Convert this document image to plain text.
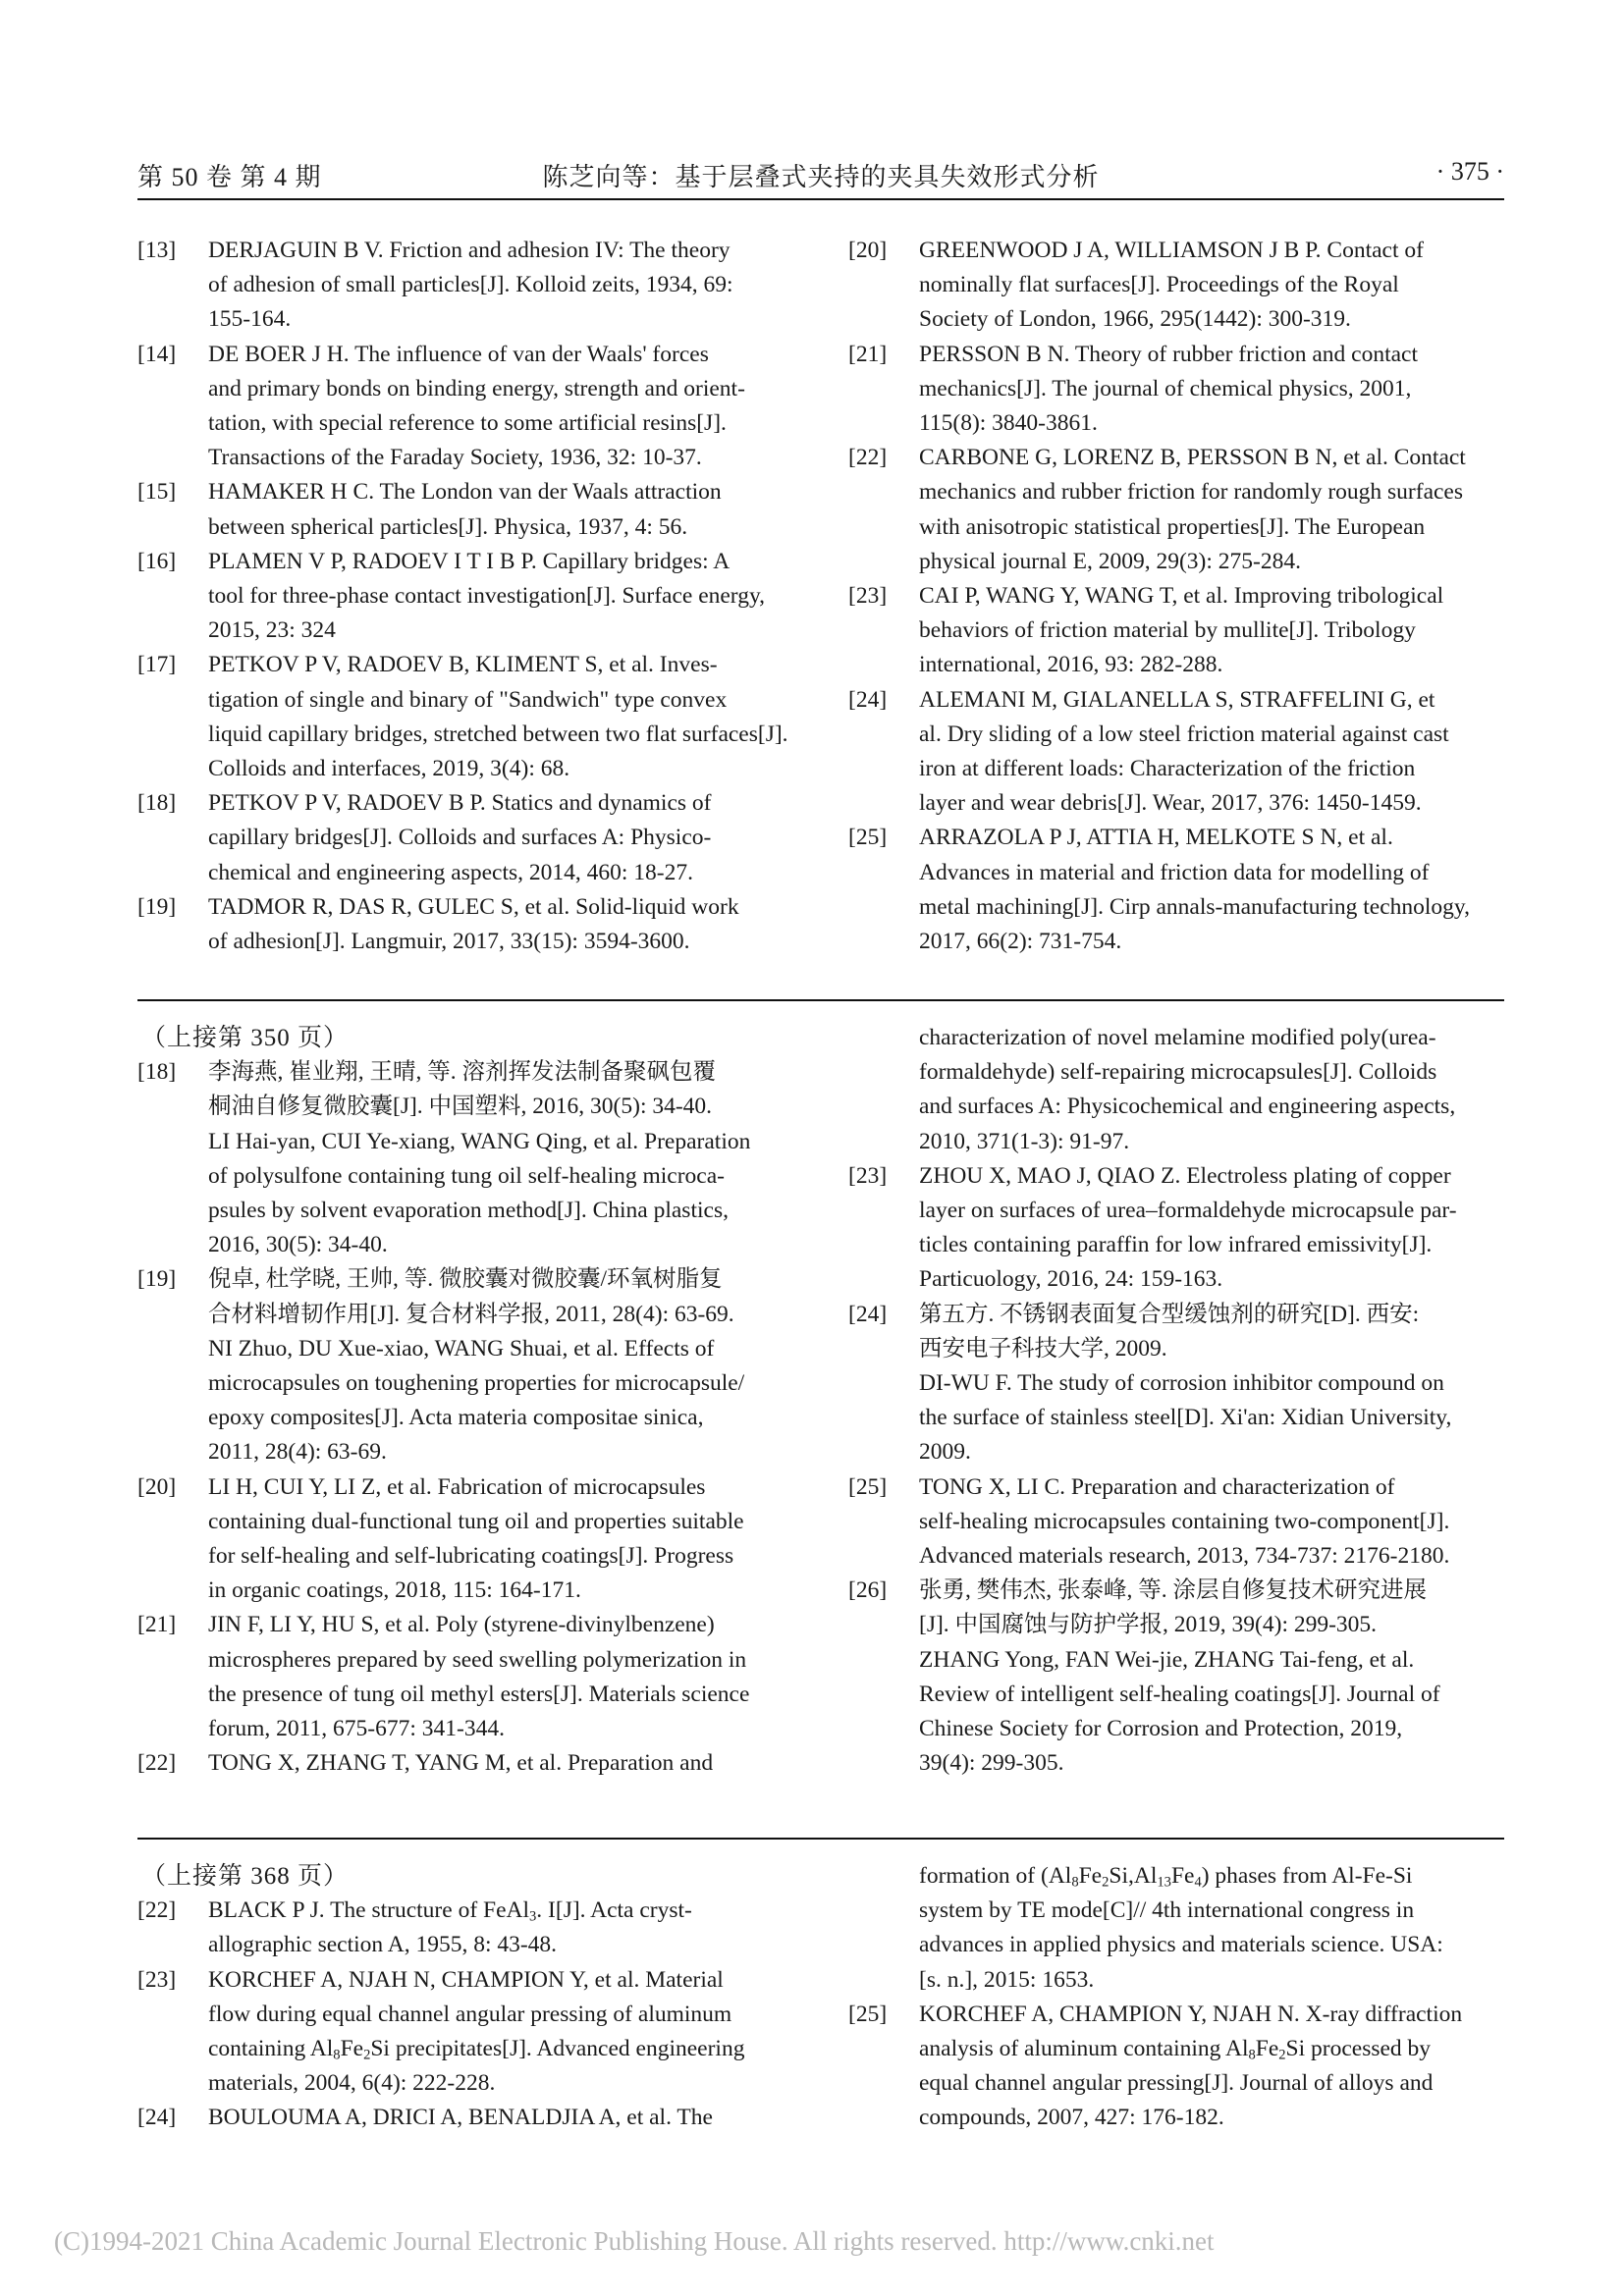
第 50 卷 第 4 期	陈芝向等：基于层叠式夹持的夹具失效形式分析	· 375 ·
[13]	DERJAGUIN B V. Friction and adhesion IV: The theory
of adhesion of small particles[J]. Kolloid zeits, 1934, 69:
155-164.
[14]	DE BOER J H. The influence of van der Waals' forces
and primary bonds on binding energy, strength and orient-
tation, with special reference to some artificial resins[J].
Transactions of the Faraday Society, 1936, 32: 10-37.
[15]	HAMAKER H C. The London van der Waals attraction
between spherical particles[J]. Physica, 1937, 4: 56.
[16]	PLAMEN V P, RADOEV I T I B P. Capillary bridges: A
tool for three-phase contact investigation[J]. Surface energy,
2015, 23: 324
[17]	PETKOV P V, RADOEV B, KLIMENT S, et al. Inves-
tigation of single and binary of "Sandwich" type convex
liquid capillary bridges, stretched between two flat surfaces[J].
Colloids and interfaces, 2019, 3(4): 68.
[18]	PETKOV P V, RADOEV B P. Statics and dynamics of
capillary bridges[J]. Colloids and surfaces A: Physico-
chemical and engineering aspects, 2014, 460: 18-27.
[19]	TADMOR R, DAS R, GULEC S, et al. Solid-liquid work
of adhesion[J]. Langmuir, 2017, 33(15): 3594-3600.
[20]	GREENWOOD J A, WILLIAMSON J B P. Contact of
nominally flat surfaces[J]. Proceedings of the Royal
Society of London, 1966, 295(1442): 300-319.
[21]	PERSSON B N. Theory of rubber friction and contact
mechanics[J]. The journal of chemical physics, 2001,
115(8): 3840-3861.
[22]	CARBONE G, LORENZ B, PERSSON B N, et al. Contact
mechanics and rubber friction for randomly rough surfaces
with anisotropic statistical properties[J]. The European
physical journal E, 2009, 29(3): 275-284.
[23]	CAI P, WANG Y, WANG T, et al. Improving tribological
behaviors of friction material by mullite[J]. Tribology
international, 2016, 93: 282-288.
[24]	ALEMANI M, GIALANELLA S, STRAFFELINI G, et
al. Dry sliding of a low steel friction material against cast
iron at different loads: Characterization of the friction
layer and wear debris[J]. Wear, 2017, 376: 1450-1459.
[25]	ARRAZOLA P J, ATTIA H, MELKOTE S N, et al.
Advances in material and friction data for modelling of
metal machining[J]. Cirp annals-manufacturing technology,
2017, 66(2): 731-754.
（上接第 350 页）
[18]	李海燕, 崔业翔, 王晴, 等. 溶剂挥发法制备聚砜包覆
桐油自修复微胶囊[J]. 中国塑料, 2016, 30(5): 34-40.
LI Hai-yan, CUI Ye-xiang, WANG Qing, et al. Preparation
of polysulfone containing tung oil self-healing microca-
psules by solvent evaporation method[J]. China plastics,
2016, 30(5): 34-40.
[19]	倪卓, 杜学晓, 王帅, 等. 微胶囊对微胶囊/环氧树脂复
合材料增韧作用[J]. 复合材料学报, 2011, 28(4): 63-69.
NI Zhuo, DU Xue-xiao, WANG Shuai, et al. Effects of
microcapsules on toughening properties for microcapsule/
epoxy composites[J]. Acta materia compositae sinica,
2011, 28(4): 63-69.
[20]	LI H, CUI Y, LI Z, et al. Fabrication of microcapsules
containing dual-functional tung oil and properties suitable
for self-healing and self-lubricating coatings[J]. Progress
in organic coatings, 2018, 115: 164-171.
[21]	JIN F, LI Y, HU S, et al. Poly (styrene-divinylbenzene)
microspheres prepared by seed swelling polymerization in
the presence of tung oil methyl esters[J]. Materials science
forum, 2011, 675-677: 341-344.
[22]	TONG X, ZHANG T, YANG M, et al. Preparation and
characterization of novel melamine modified poly(urea-
formaldehyde) self-repairing microcapsules[J]. Colloids
and surfaces A: Physicochemical and engineering aspects,
2010, 371(1-3): 91-97.
[23]	ZHOU X, MAO J, QIAO Z. Electroless plating of copper
layer on surfaces of urea–formaldehyde microcapsule par-
ticles containing paraffin for low infrared emissivity[J].
Particuology, 2016, 24: 159-163.
[24]	第五方. 不锈钢表面复合型缓蚀剂的研究[D]. 西安:
西安电子科技大学, 2009.
DI-WU F. The study of corrosion inhibitor compound on
the surface of stainless steel[D]. Xi'an: Xidian University,
2009.
[25]	TONG X, LI C. Preparation and characterization of
self-healing microcapsules containing two-component[J].
Advanced materials research, 2013, 734-737: 2176-2180.
[26]	张勇, 樊伟杰, 张泰峰, 等. 涂层自修复技术研究进展
[J]. 中国腐蚀与防护学报, 2019, 39(4): 299-305.
ZHANG Yong, FAN Wei-jie, ZHANG Tai-feng, et al.
Review of intelligent self-healing coatings[J]. Journal of
Chinese Society for Corrosion and Protection, 2019,
39(4): 299-305.
（上接第 368 页）
[22]	BLACK P J. The structure of FeAl$_3$. I[J]. Acta cryst-
allographic section A, 1955, 8: 43-48.
[23]	KORCHEF A, NJAH N, CHAMPION Y, et al. Material
flow during equal channel angular pressing of aluminum
containing $Al_8Fe_2Si$ precipitates[J]. Advanced engineering
materials, 2004, 6(4): 222-228.
[24]	BOULOUMA A, DRICI A, BENALDJIA A, et al. The
formation of $(Al_8Fe_2Si,Al_{13}Fe_4)$ phases from Al-Fe-Si
system by TE mode[C]// 4th international congress in
advances in applied physics and materials science. USA:
[s. n.], 2015: 1653.
[25]	KORCHEF A, CHAMPION Y, NJAH N. X-ray diffraction
analysis of aluminum containing $Al_8Fe_2Si$ processed by
equal channel angular pressing[J]. Journal of alloys and
compounds, 2007, 427: 176-182.
(C)1994-2021 China Academic Journal Electronic Publishing House. All rights reserved. http://www.cnki.net
